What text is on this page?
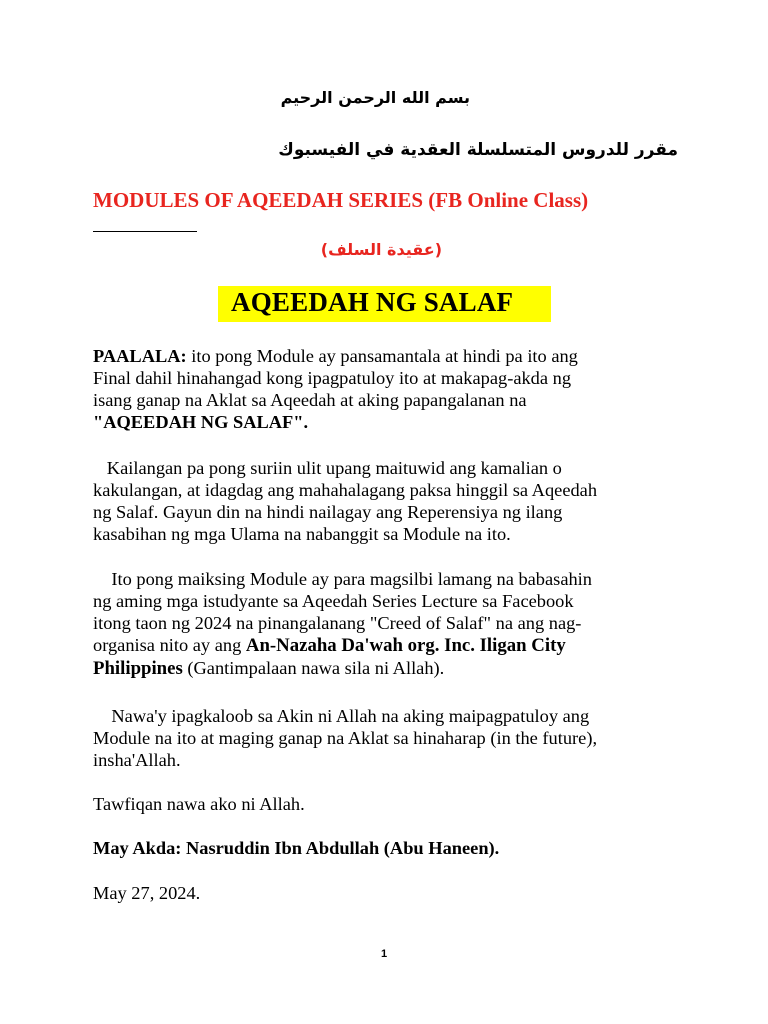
بسم الله الرحمن الرحيم
مقرر للدروس المتسلسلة العقدية في الفيسبوك
MODULES OF AQEEDAH SERIES (FB Online Class)
(عقيدة السلف)
AQEEDAH NG SALAF
PAALALA: ito pong Module ay pansamantala at hindi pa ito ang
Final dahil hinahangad kong ipagpatuloy ito at makapag-akda ng
isang ganap na Aklat sa Aqeedah at aking papangalanan na
"AQEEDAH NG SALAF".
Kailangan pa pong suriin ulit upang maituwid ang kamalian o
kakulangan, at idagdag ang mahahalagang paksa hinggil sa Aqeedah
ng Salaf. Gayun din na hindi nailagay ang Reperensiya ng ilang
kasabihan ng mga Ulama na nabanggit sa Module na ito.
Ito pong maiksing Module ay para magsilbi lamang na babasahin
ng aming mga istudyante sa Aqeedah Series Lecture sa Facebook
itong taon ng 2024 na pinangalanang "Creed of Salaf" na ang nag-
organisa nito ay ang An-Nazaha Da'wah org. Inc. Iligan City
Philippines (Gantimpalaan nawa sila ni Allah).
Nawa'y ipagkaloob sa Akin ni Allah na aking maipagpatuloy ang
Module na ito at maging ganap na Aklat sa hinaharap (in the future),
insha'Allah.
Tawfiqan nawa ako ni Allah.
May Akda: Nasruddin Ibn Abdullah (Abu Haneen).
May 27, 2024.
1
